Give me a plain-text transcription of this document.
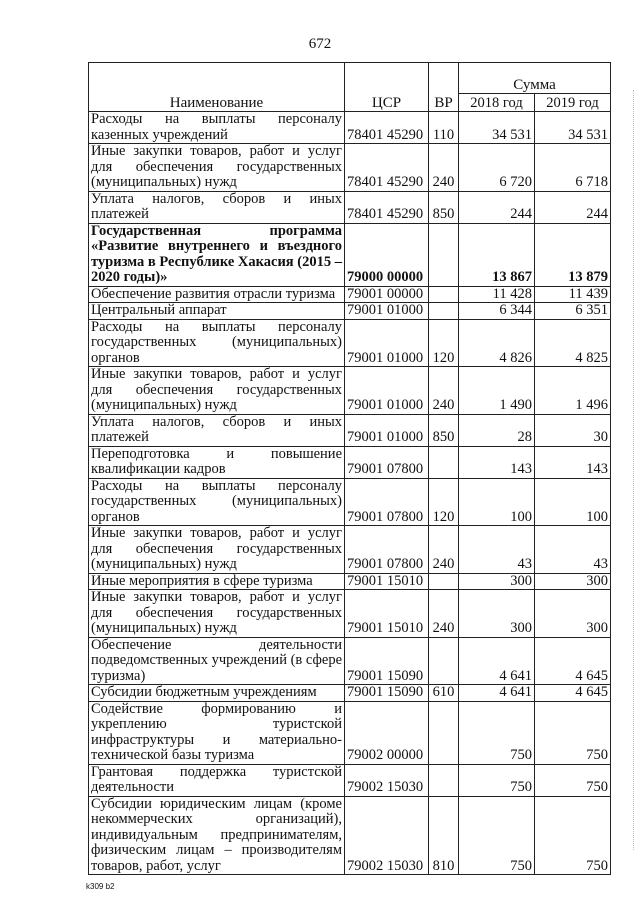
672
Наименование	ЦСР	ВР	Сумма	
			2018 год	2019 год
Расходы на выплаты персоналу казенных учреждений	78401 45290	110	34 531	34 531
Иные закупки товаров, работ и услуг для обеспечения государственных (муниципальных) нужд	78401 45290	240	6 720	6 718
Уплата налогов, сборов и иных платежей	78401 45290	850	244	244
Государственная программа «Развитие внутреннего и въездного туризма в Республике Хакасия (2015 – 2020 годы)»	79000 00000		13 867	13 879
Обеспечение развития отрасли туризма	79001 00000		11 428	11 439
Центральный аппарат	79001 01000		6 344	6 351
Расходы на выплаты персоналу государственных (муниципальных) органов	79001 01000	120	4 826	4 825
Иные закупки товаров, работ и услуг для обеспечения государственных (муниципальных) нужд	79001 01000	240	1 490	1 496
Уплата налогов, сборов и иных платежей	79001 01000	850	28	30
Переподготовка и повышение квалификации кадров	79001 07800		143	143
Расходы на выплаты персоналу государственных (муниципальных) органов	79001 07800	120	100	100
Иные закупки товаров, работ и услуг для обеспечения государственных (муниципальных) нужд	79001 07800	240	43	43
Иные мероприятия в сфере туризма	79001 15010		300	300
Иные закупки товаров, работ и услуг для обеспечения государственных (муниципальных) нужд	79001 15010	240	300	300
Обеспечение деятельности подведомственных учреждений (в сфере туризма)	79001 15090		4 641	4 645
Субсидии бюджетным учреждениям	79001 15090	610	4 641	4 645
Содействие формированию и укреплению туристской инфраструктуры и материально-технической базы туризма	79002 00000		750	750
Грантовая поддержка туристской деятельности	79002 15030		750	750
Субсидии юридическим лицам (кроме некоммерческих организаций), индивидуальным предпринимателям, физическим лицам – производителям товаров, работ, услуг	79002 15030	810	750	750
k309 b2
